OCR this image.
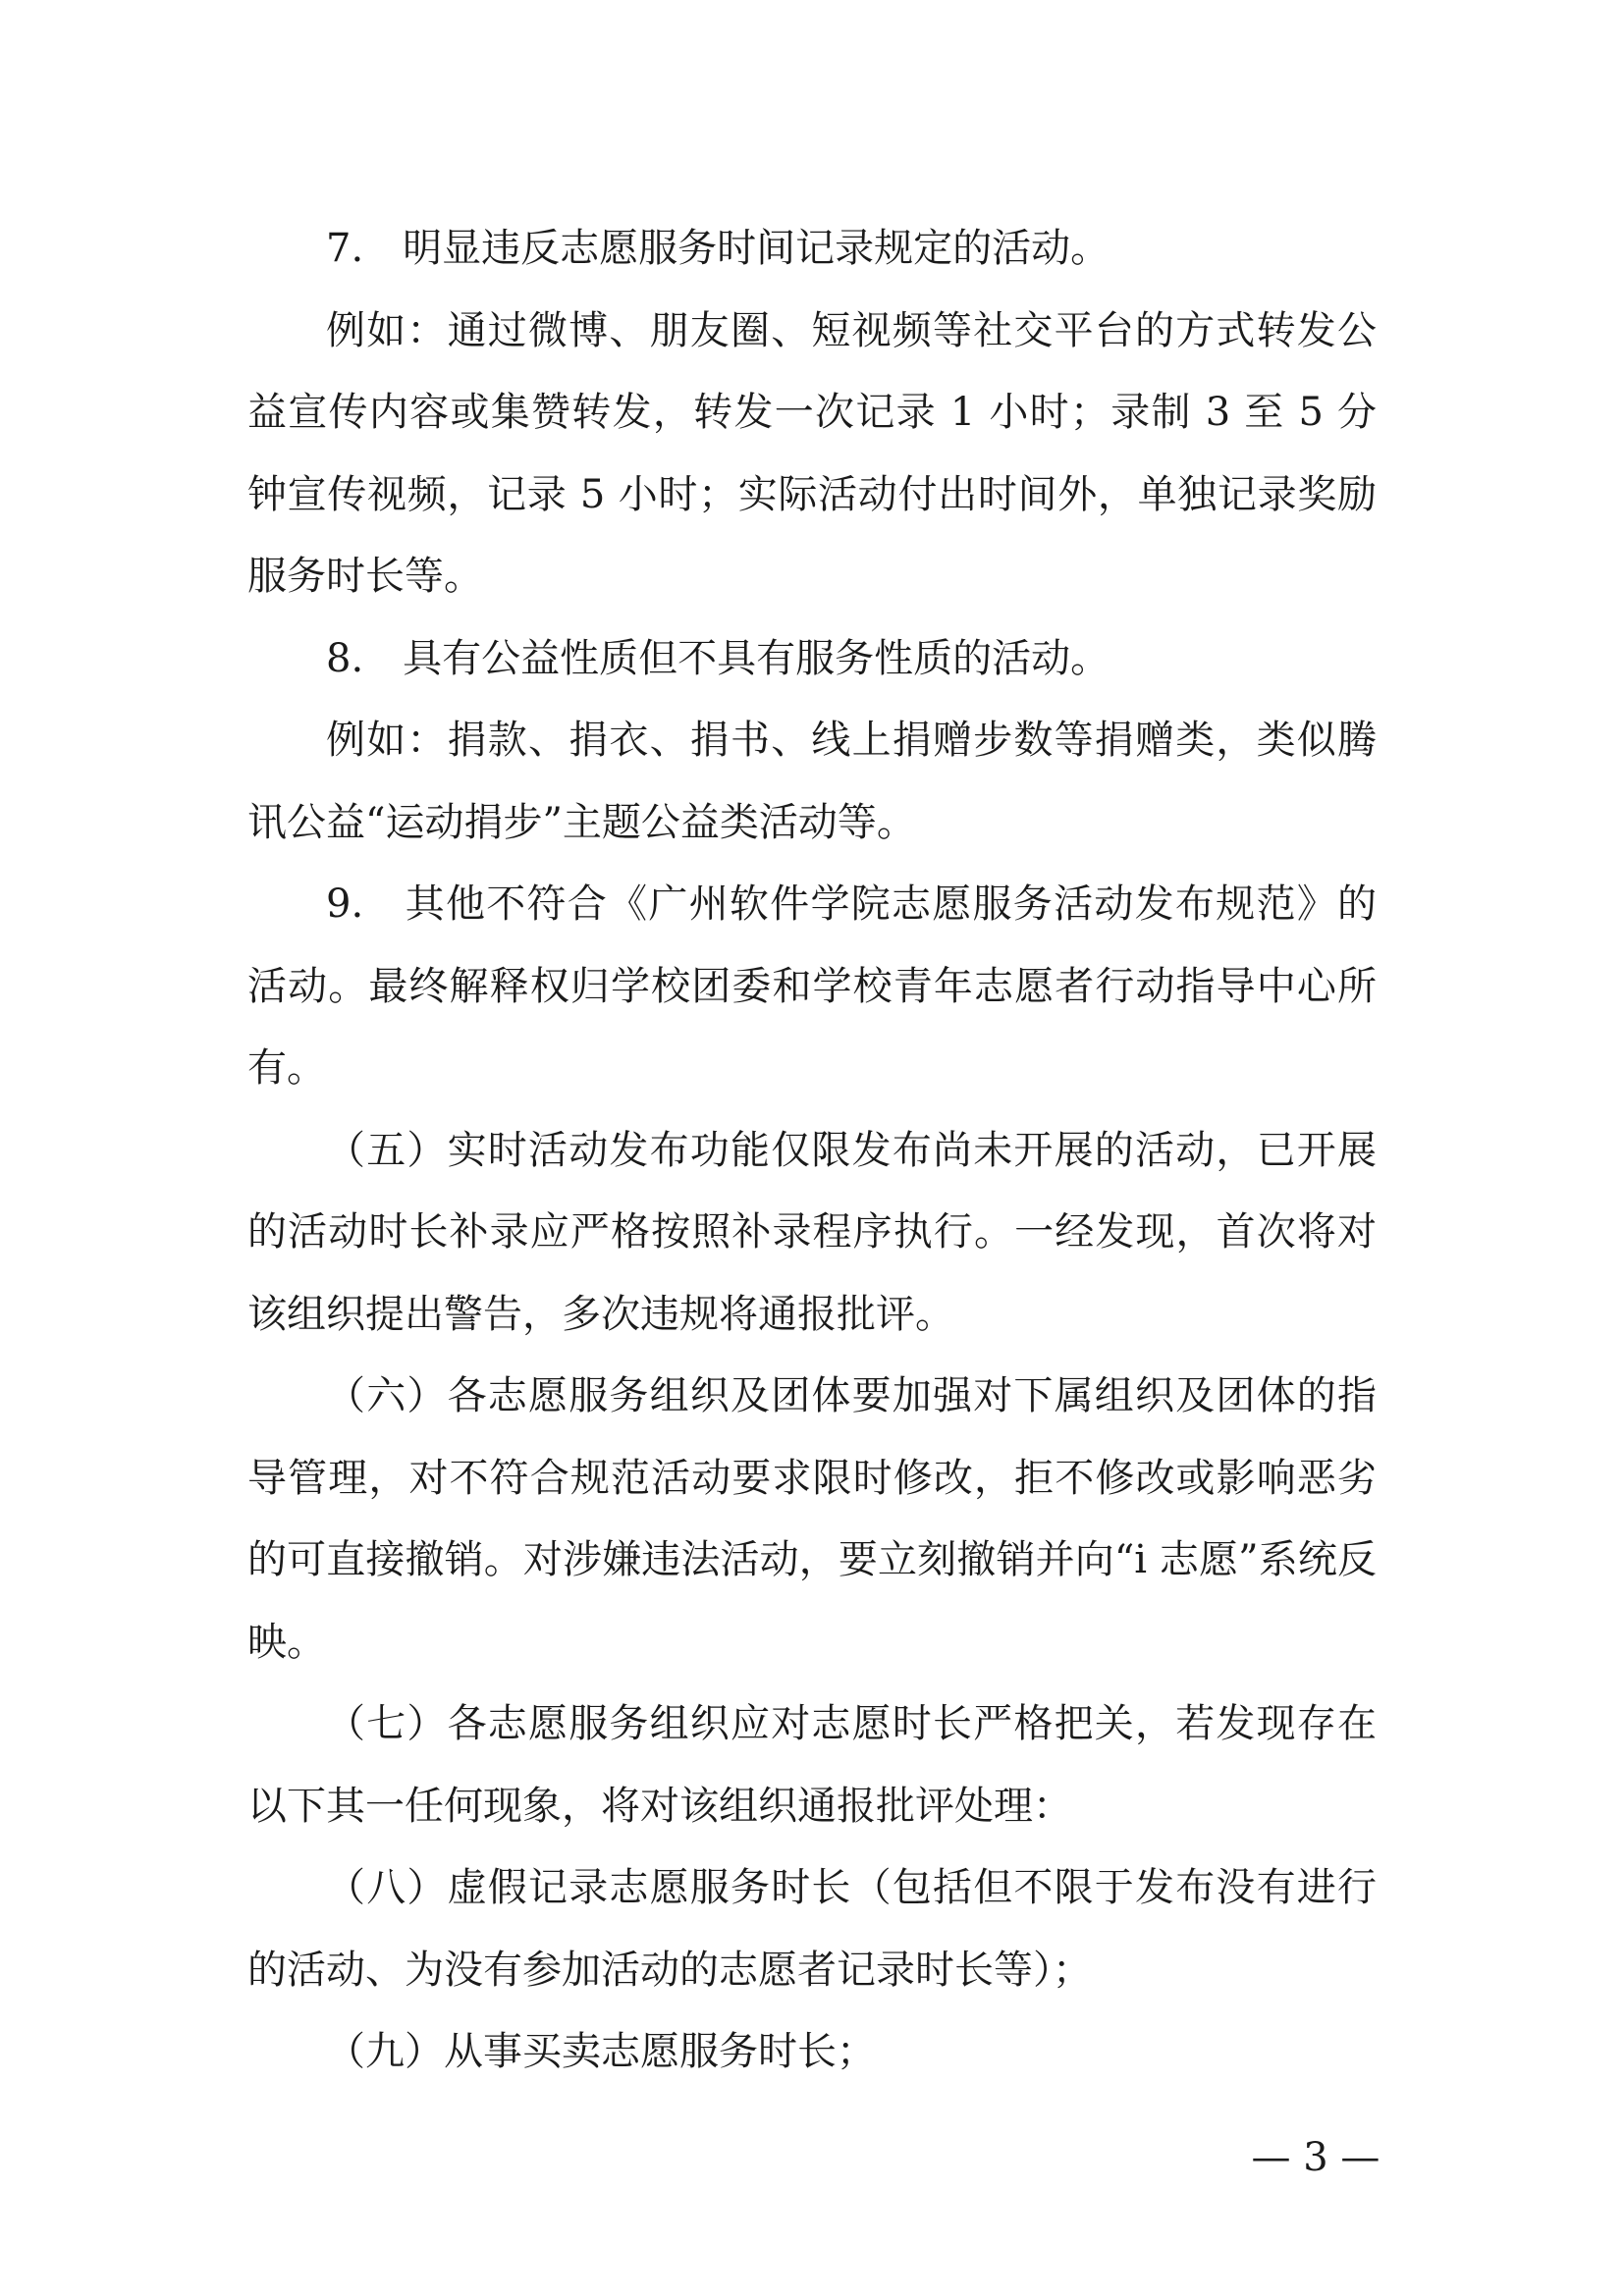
7.　明显违反志愿服务时间记录规定的活动。

例如：通过微博、朋友圈、短视频等社交平台的方式转发公益宣传内容或集赞转发，转发一次记录 1 小时；录制 3 至 5 分钟宣传视频，记录 5 小时；实际活动付出时间外，单独记录奖励服务时长等。

8.　具有公益性质但不具有服务性质的活动。

例如：捐款、捐衣、捐书、线上捐赠步数等捐赠类，类似腾讯公益“运动捐步”主题公益类活动等。

9.　其他不符合《广州软件学院志愿服务活动发布规范》的活动。最终解释权归学校团委和学校青年志愿者行动指导中心所有。

（五）实时活动发布功能仅限发布尚未开展的活动，已开展的活动时长补录应严格按照补录程序执行。一经发现，首次将对该组织提出警告，多次违规将通报批评。

（六）各志愿服务组织及团体要加强对下属组织及团体的指导管理，对不符合规范活动要求限时修改，拒不修改或影响恶劣的可直接撤销。对涉嫌违法活动，要立刻撤销并向“i 志愿”系统反映。

（七）各志愿服务组织应对志愿时长严格把关，若发现存在以下其一任何现象，将对该组织通报批评处理：

（八）虚假记录志愿服务时长（包括但不限于发布没有进行的活动、为没有参加活动的志愿者记录时长等）；

（九）从事买卖志愿服务时长；

— 3 —
